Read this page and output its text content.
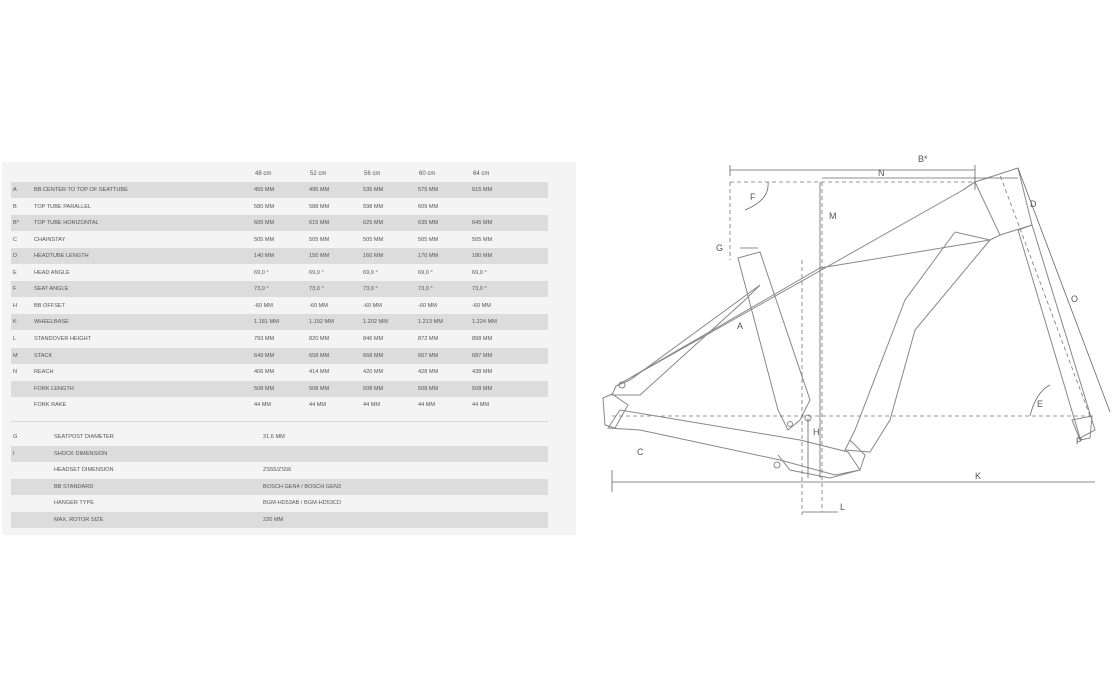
48 cm	52 cm	56 cm	60 cm	64 cm
A	BB CENTER TO TOP OF SEATTUBE	455 MM	495 MM	535 MM	575 MM	615 MM
B	TOP TUBE PARALLEL	580 MM	588 MM	598 MM	609 MM
B*	TOP TUBE HORIZONTAL	605 MM	615 MM	625 MM	635 MM	645 MM
C	CHAINSTAY	505 MM	505 MM	505 MM	505 MM	505 MM
D	HEADTUBE LENGTH	140 MM	150 MM	160 MM	170 MM	180 MM
E	HEAD ANGLE	69,0 °	69,0 °	69,0 °	69,0 °	69,0 °
F	SEAT ANGLE	73,0 °	73,0 °	73,0 °	73,0 °	73,0 °
H	BB OFFSET	-60 MM	-60 MM	-60 MM	-60 MM	-60 MM
K	WHEELBASE	1.181 MM	1.192 MM	1.202 MM	1.213 MM	1.224 MM
L	STANDOVER HEIGHT	793 MM	820 MM	846 MM	872 MM	898 MM
M	STACK	649 MM	658 MM	668 MM	667 MM	687 MM
N	REACH	406 MM	414 MM	420 MM	428 MM	438 MM
FORK LENGTH	508 MM	508 MM	508 MM	508 MM	508 MM
FORK RAKE	44 MM	44 MM	44 MM	44 MM	44 MM
G	SEATPOST DIAMETER	31,6 MM
I	SHOCK DIMENSION
HEADSET DIMENSION	ZS55/ZS56
BB STANDARD	BOSCH GEN4 / BOSCH GEN3
HANGER TYPE	BGM-HD53AB / BGM-HD53CD
MAX. ROTOR SIZE	220 MM
B*
N
D
F
M
G
O
A
E
H
P
C
K
L
